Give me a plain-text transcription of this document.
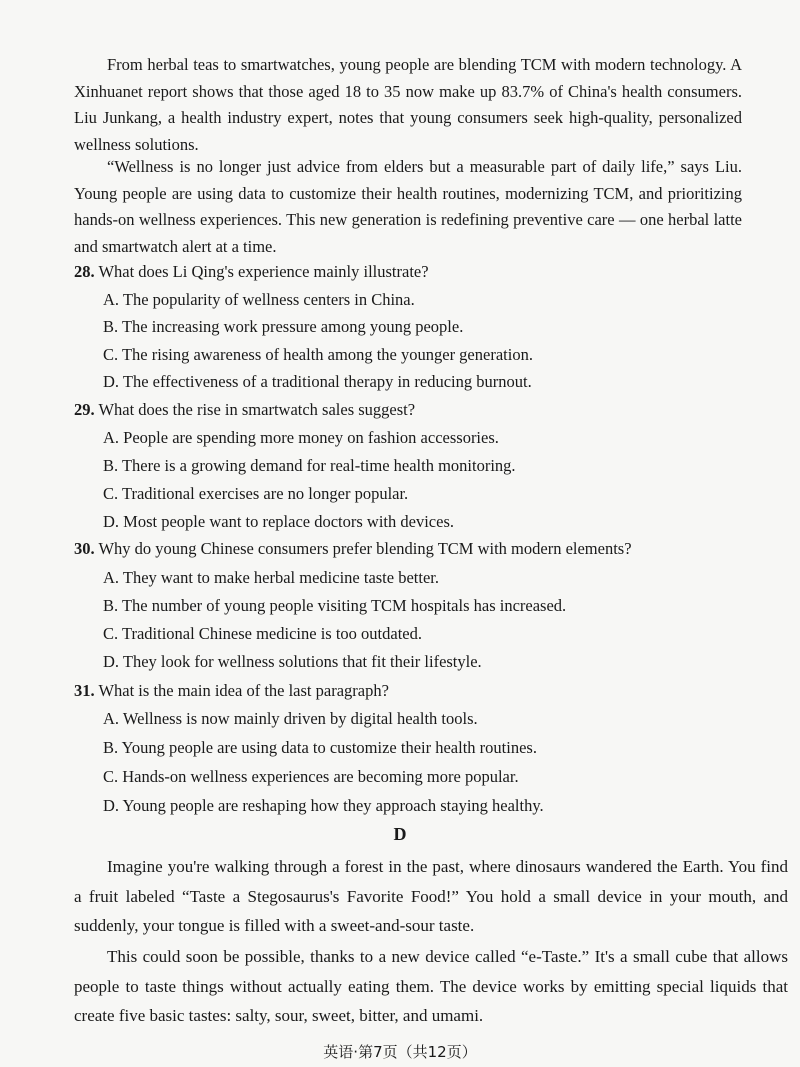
From herbal teas to smartwatches, young people are blending TCM with modern technology. A Xinhuanet report shows that those aged 18 to 35 now make up 83.7% of China's health consumers. Liu Junkang, a health industry expert, notes that young consumers seek high-quality, personalized wellness solutions.

“Wellness is no longer just advice from elders but a measurable part of daily life,” says Liu. Young people are using data to customize their health routines, modernizing TCM, and prioritizing hands-on wellness experiences. This new generation is redefining preventive care — one herbal latte and smartwatch alert at a time.

28. What does Li Qing's experience mainly illustrate?
A. The popularity of wellness centers in China.
B. The increasing work pressure among young people.
C. The rising awareness of health among the younger generation.
D. The effectiveness of a traditional therapy in reducing burnout.
29. What does the rise in smartwatch sales suggest?
A. People are spending more money on fashion accessories.
B. There is a growing demand for real-time health monitoring.
C. Traditional exercises are no longer popular.
D. Most people want to replace doctors with devices.
30. Why do young Chinese consumers prefer blending TCM with modern elements?
A. They want to make herbal medicine taste better.
B. The number of young people visiting TCM hospitals has increased.
C. Traditional Chinese medicine is too outdated.
D. They look for wellness solutions that fit their lifestyle.
31. What is the main idea of the last paragraph?
A. Wellness is now mainly driven by digital health tools.
B. Young people are using data to customize their health routines.
C. Hands-on wellness experiences are becoming more popular.
D. Young people are reshaping how they approach staying healthy.
D

Imagine you're walking through a forest in the past, where dinosaurs wandered the Earth. You find a fruit labeled “Taste a Stegosaurus's Favorite Food!” You hold a small device in your mouth, and suddenly, your tongue is filled with a sweet-and-sour taste.

This could soon be possible, thanks to a new device called “e-Taste.” It's a small cube that allows people to taste things without actually eating them. The device works by emitting special liquids that create five basic tastes: salty, sour, sweet, bitter, and umami.

英语·第7页（共12页）
